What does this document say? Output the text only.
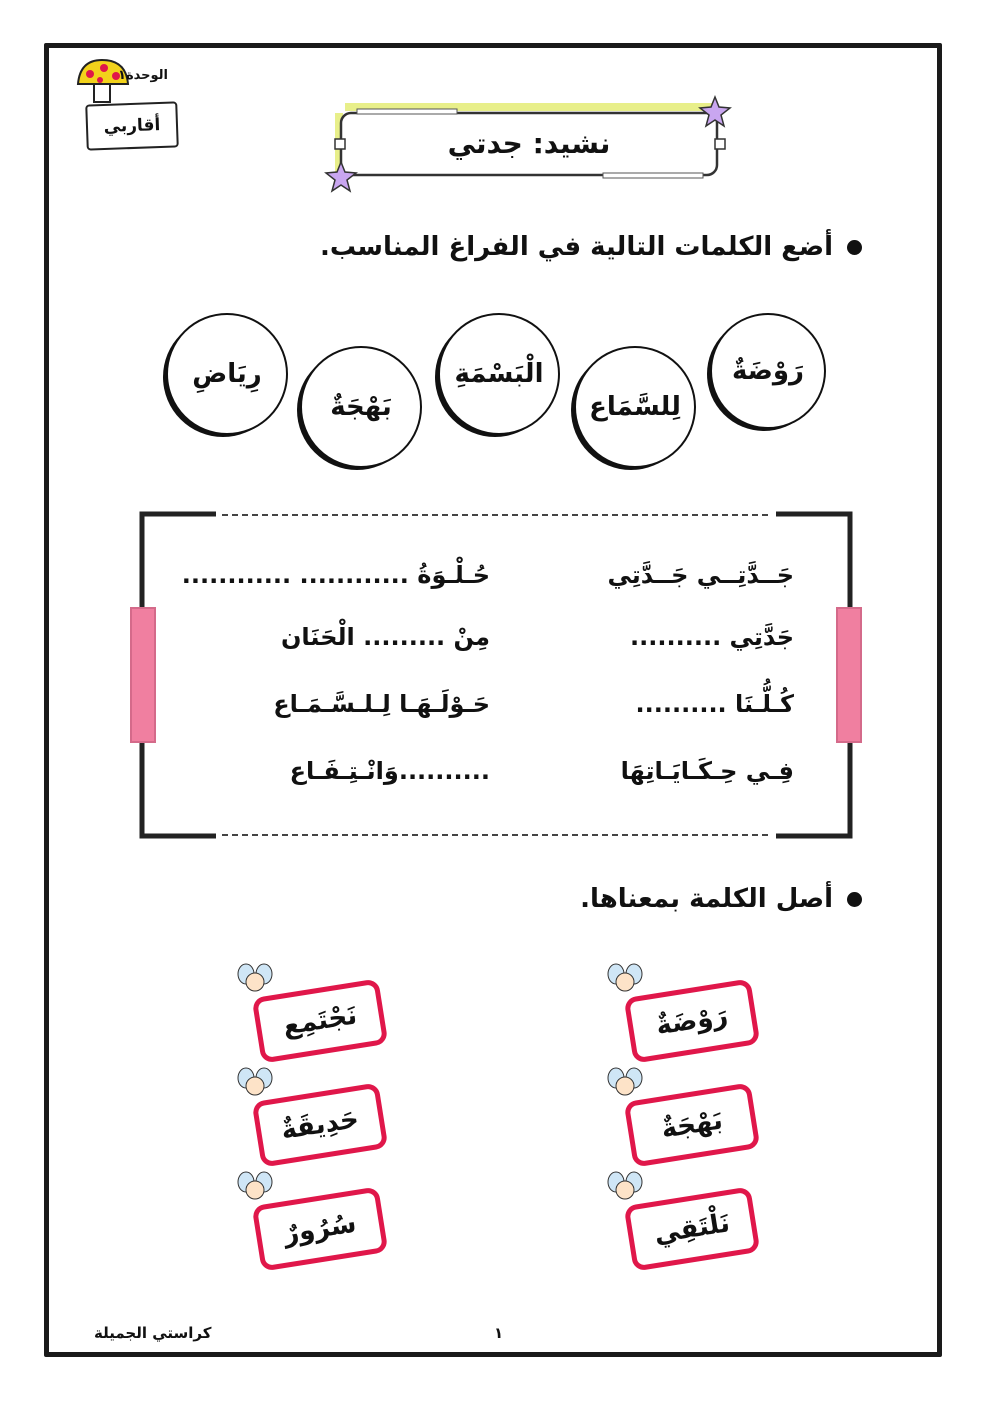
الوحدة١
أقاربي
نشيد: جدتي
أضع الكلمات التالية في الفراغ المناسب.
رَوْضَةٌ
لِلسَّمَاع
الْبَسْمَةِ
بَهْجَةٌ
رِيَاضِ
جَــدَّتِــي جَــدَّتِي
حُـلْـوَةُ ............ ............
جَدَّتِي ..........
مِنْ ......... الْحَنَان
كُـلُّـنَا ..........
حَـوْلَـهَـا لِـلـسَّـمَـاع
فِـي حِـكَـايَـاتِهَا
..........وَانْـتِـفَـاع
أصل الكلمة بمعناها.
رَوْضَةٌ
بَهْجَةٌ
نَلْتَقِي
نَجْتَمِع
حَدِيقَةٌ
سُرُورٌ
كراستي الجميلة	١
